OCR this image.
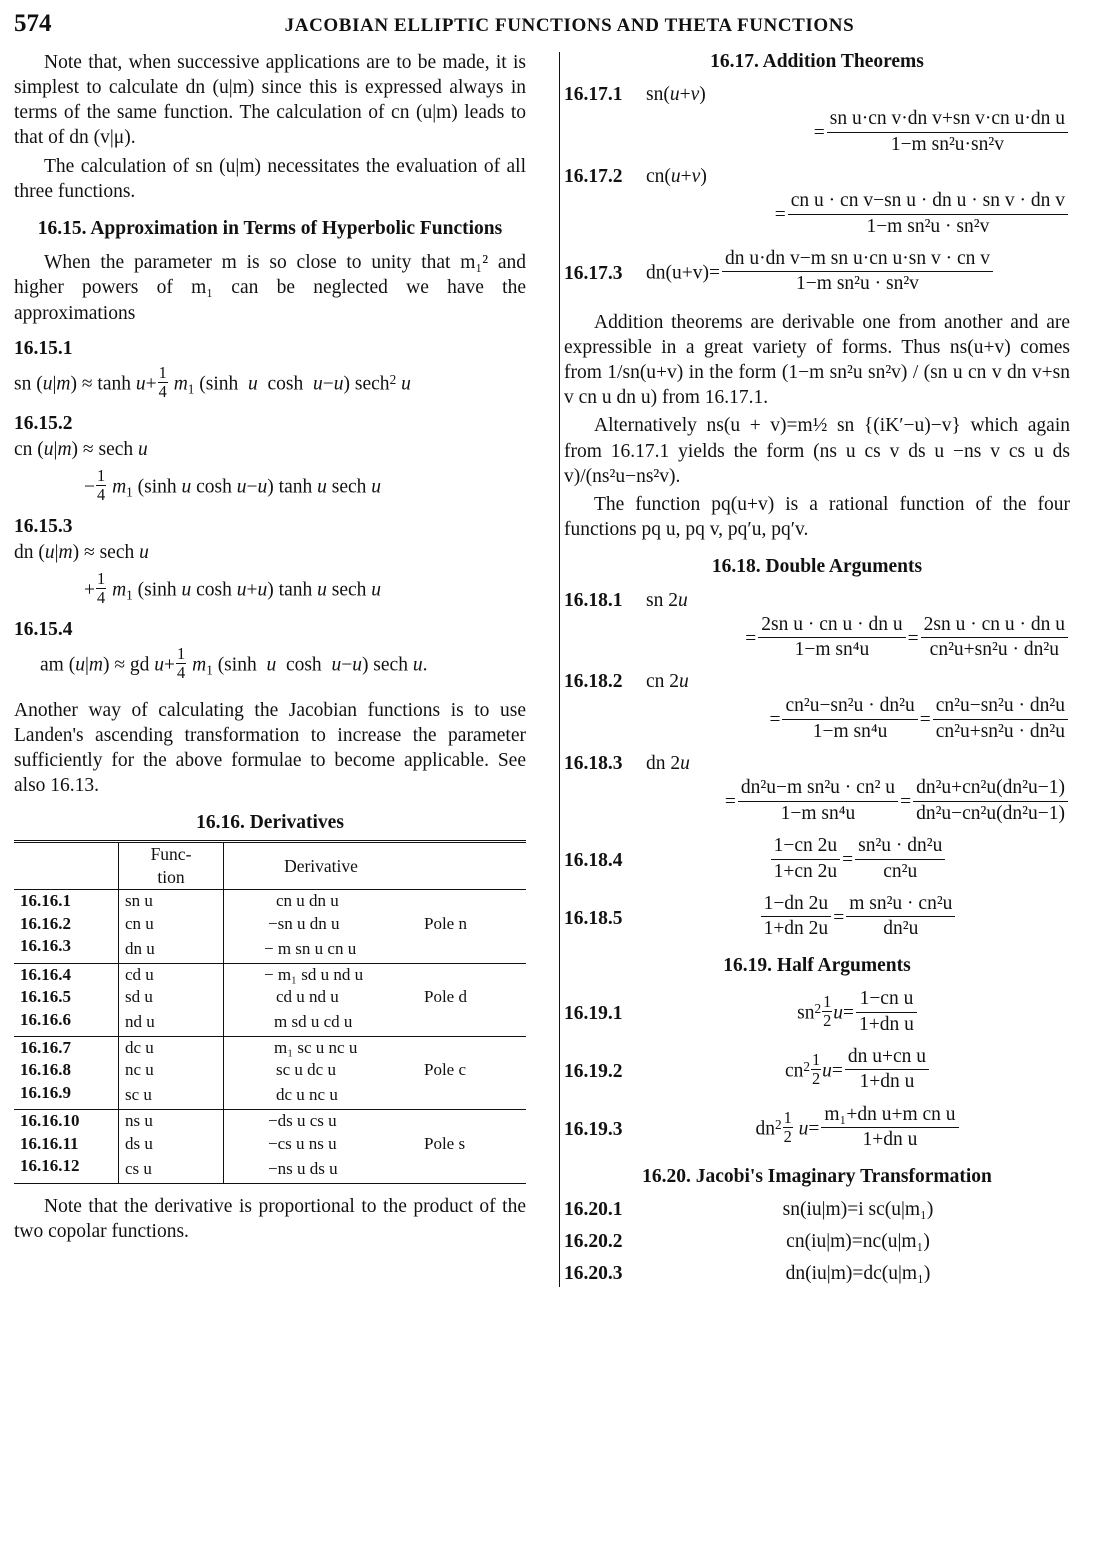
574	JACOBIAN ELLIPTIC FUNCTIONS AND THETA FUNCTIONS

Note that, when successive applications are to be made, it is simplest to calculate dn (u|m) since this is expressed always in terms of the same function. The calculation of cn (u|m) leads to that of dn (v|μ).

The calculation of sn (u|m) necessitates the evaluation of all three functions.

16.15. Approximation in Terms of Hyperbolic Functions

When the parameter m is so close to unity that m₁² and higher powers of m₁ can be neglected we have the approximations

16.15.1
sn $(u|m) \approx \tanh u+ \frac{1}{4} m_1$ (sinh  u  cosh  u−u) sech$^2$ u
16.15.2
cn (u|m) ≈ sech u
− $\frac{1}{4} m_1$ (sinh u cosh u−u) tanh u sech u
16.15.3
dn (u|m) ≈ sech u
+ $\frac{1}{4} m_1$ (sinh u cosh u+u) tanh u sech u
16.15.4
am (u|m) ≈ gd $u+ \frac{1}{4} m_1$ (sinh  u  cosh  u−u) sech u.

Another way of calculating the Jacobian functions is to use Landen's ascending transformation to increase the parameter sufficiently for the above formulae to become applicable. See also 16.13.

16.16. Derivatives
	Func-
tion	Derivative	
16.16.1	sn u	cn u dn u	
16.16.2	cn u	−sn u dn u	Pole n
16.16.3	dn u	− m sn u cn u	
16.16.4	cd u	− m₁ sd u nd u	
16.16.5	sd u	cd u nd u	Pole d
16.16.6	nd u	m sd u cd u	
16.16.7	dc u	m₁ sc u nc u	
16.16.8	nc u	sc u dc u	Pole c
16.16.9	sc u	dc u nc u	
16.16.10	ns u	−ds u cs u	
16.16.11	ds u	−cs u ns u	Pole s
16.16.12	cs u	−ns u ds u	

Note that the derivative is proportional to the product of the two copolar functions.

16.17. Addition Theorems
16.17.1	sn(u+v)
= $\frac{\text{sn u·cn v·dn v+sn v·cn u·dn u}}{\text{1−m sn²u·sn²v}}$
16.17.2	cn(u+v)
= $\frac{\text{cn u · cn v−sn u · dn u · sn v · dn v}}{\text{1−m sn²u · sn²v}}$
16.17.3	$dn(u+v)= \frac{\text{dn u·dn v−m sn u·cn u·sn v · cn v}}{\text{1−m sn²u · sn²v}}$

Addition theorems are derivable one from another and are expressible in a great variety of forms. Thus ns(u+v) comes from 1/sn(u+v) in the form (1−m sn²u sn²v) / (sn u cn v dn v+sn v cn u dn u) from 16.17.1.

Alternatively ns(u + v)=m½ sn {(iK′−u)−v} which again from 16.17.1 yields the form (ns u cs v ds u −ns v cs u ds v)/(ns²u−ns²v).

The function pq(u+v) is a rational function of the four functions pq u, pq v, pq′u, pq′v.

16.18. Double Arguments
16.18.1	sn 2u
= $\frac{\text{2sn u · cn u · dn u}}{\text{1−m sn⁴u}} = \frac{\text{2sn u · cn u · dn u}}{\text{cn²u+sn²u · dn²u}}$
16.18.2	cn 2u
= $\frac{\text{cn²u−sn²u · dn²u}}{\text{1−m sn⁴u}} = \frac{\text{cn²u−sn²u · dn²u}}{\text{cn²u+sn²u · dn²u}}$
16.18.3	dn 2u
= $\frac{\text{dn²u−m sn²u · cn² u}}{\text{1−m sn⁴u}} = \frac{\text{dn²u+cn²u(dn²u−1)}}{\text{dn²u−cn²u(dn²u−1)}}$
16.18.4	$\frac{1-cn 2u}{1+cn 2u} = \frac{\text{sn²u · dn²u}}{\text{cn²u}}$
16.18.5	$\frac{1-dn 2u}{1+dn 2u} = \frac{\text{m sn²u · cn²u}}{\text{dn²u}}$
16.19. Half Arguments
16.19.1	$sn^2 \frac{1}{2} u= \frac{\text{1−cn u}}{\text{1+dn u}}$
16.19.2	$cn^2 \frac{1}{2} u= \frac{\text{dn u+cn u}}{\text{1+dn u}}$
16.19.3	$dn^2 \frac{1}{2} u= \frac{\text{m₁+dn u+m cn u}}{\text{1+dn u}}$
16.20. Jacobi's Imaginary Transformation
16.20.1	sn(iu|m)=i sc(u|m₁)
16.20.2	cn(iu|m)=nc(u|m₁)
16.20.3	dn(iu|m)=dc(u|m₁)
